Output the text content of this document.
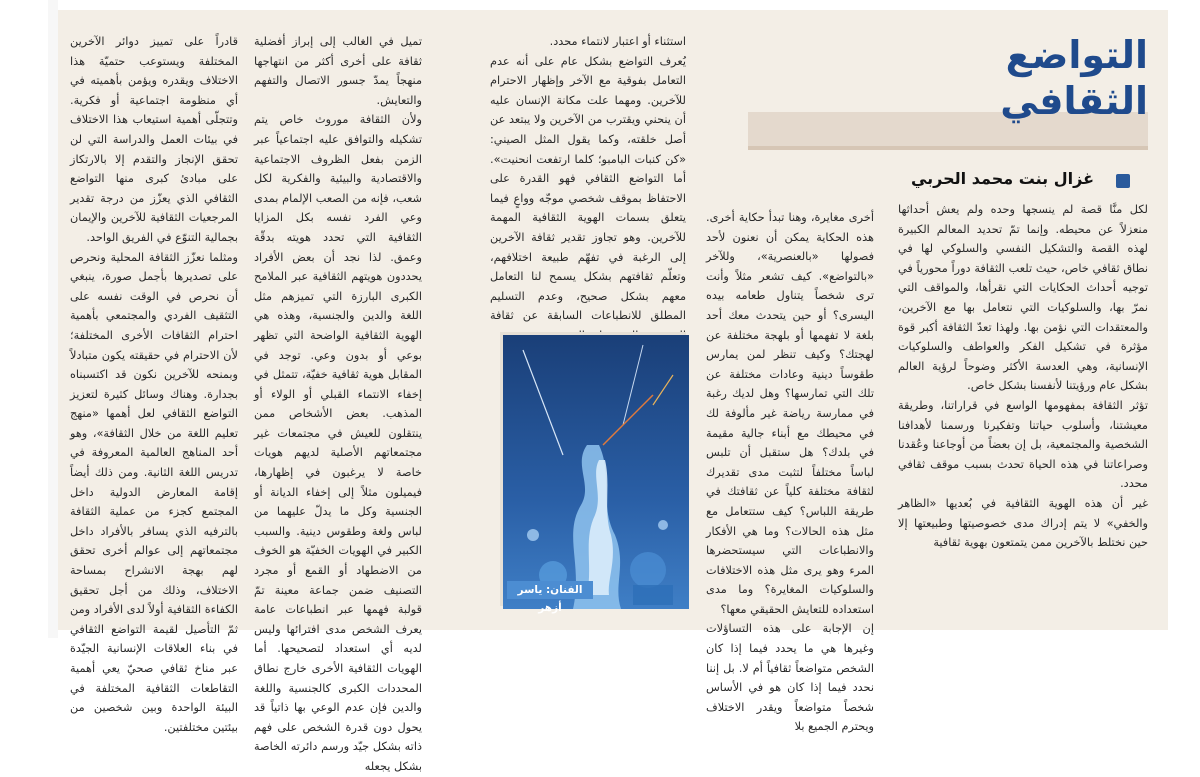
التواضع الثقافي
غزال بنت محمد الحربي

لكل منَّا قصة لم ينسجها وحده ولم يعش أحداثها منعزلاً عن محيطه. وإنما تمّ تحديد المعالم الكبيرة لهذه القصة والتشكيل النفسي والسلوكي لها في نطاق ثقافي خاص، حيث تلعب الثقافة دوراً محورياً في توجيه أحداث الحكايات التي نقرأها، والمواقف التي نمرّ بها، والسلوكيات التي نتعامل بها مع الآخرين، والمعتقدات التي نؤمن بها. ولهذا تعدّ الثقافة أكبر قوة مؤثرة في تشكيل الفكر والعواطف والسلوكيات الإنسانية، وهي العدسة الأكثر وضوحاً لرؤية العالم بشكل عام ورؤيتنا لأنفسنا بشكل خاص.

تؤثر الثقافة بمفهومها الواسع في قراراتنا، وطريقة معيشتنا، وأسلوب حياتنا وتفكيرنا ورسمنا لأهدافنا الشخصية والمجتمعية، بل إن بعضاً من أوجاعنا وعُقدنا وصراعاتنا في هذه الحياة تحدث بسبب موقف ثقافي محدد.

غير أن هذه الهوية الثقافية في بُعديها «الظاهر والخفي» لا يتم إدراك مدى خصوصيتها وطبيعتها إلا حين نختلط بالآخرين ممن يتمتعون بهوية ثقافية

أخرى مغايرة، وهنا تبدأ حكاية أخرى. هذه الحكاية يمكن أن نعنون لأحد فصولها «بالعنصرية»، وللآخر «بالتواضع». كيف تشعر مثلاً وأنت ترى شخصاً يتناول طعامه بيده اليسرى؟ أو حين يتحدث معك أحد بلغة لا تفهمها أو بلهجة مختلفة عن لهجتك؟ وكيف تنظر لمن يمارس طقوساً دينية وعادات مختلفة عن تلك التي تمارسها؟ وهل لديك رغبة في ممارسة رياضة غير مألوفة لك في محيطك مع أبناء جالية مقيمة في بلدك؟ هل ستقبل أن تلبس لباساً مختلفاً لتثبت مدى تقديرك لثقافة مختلفة كلياً عن ثقافتك في طريقة اللباس؟ كيف ستتعامل مع مثل هذه الحالات؟ وما هي الأفكار والانطباعات التي سيستحضرها المرء وهو يرى مثل هذه الاختلافات والسلوكيات المغايرة؟ وما مدى استعداده للتعايش الحقيقي معها؟

إن الإجابة على هذه التساؤلات وغيرها هي ما يحدد فيما إذا كان الشخص متواضعاً ثقافياً أم لا. بل إننا نحدد فيما إذا كان هو في الأساس شخصاً متواضعاً ويقدر الاختلاف ويحترم الجميع بلا

استثناء أو اعتبار لانتماء محدد.

يُعرف التواضع بشكل عام على أنه عدم التعامل بفوقية مع الآخر وإظهار الاحترام للآخرين. ومهما علت مكانة الإنسان عليه أن ينحني ويقترب من الآخرين ولا يبتعد عن أصل خلقته، وكما يقول المثل الصيني: «كن كنبات البامبو؛ كلما ارتفعت انحنيت». أما التواضع الثقافي فهو القدرة على الاحتفاظ بموقف شخصي موجّه وواعٍ فيما يتعلق بسمات الهوية الثقافية المهمة للآخرين. وهو تجاوز تقدير ثقافة الآخرين إلى الرغبة في تفهّم طبيعة اختلافهم، وتعلّم ثقافتهم بشكل يسمح لنا التعامل معهم بشكل صحيح، وعدم التسليم المطلق للانطباعات السابقة عن ثقافة

الفنان: ياسر أزهر

تميل في الغالب إلى إبراز أفضلية ثقافة على أخرى أكثر من انتهاجها منهجاً يمدّ جسور الاتصال والتفهم والتعايش.

ولأن الثقافة موروث خاص يتم تشكيله والتوافق عليه اجتماعياً عبر الزمن بفعل الظروف الاجتماعية والاقتصادية والبيئية والفكرية لكل شعب، فإنه من الصعب الإلمام بمدى وعي الفرد نفسه بكل المزايا الثقافية التي تحدد هويته بدقّة وعمق. لذا نجد أن بعض الأفراد يحددون هويتهم الثقافية عبر الملامح الكبرى البارزة التي تميزهم مثل اللغة والدين والجنسية، وهذه هي الهوية الثقافية الواضحة التي تظهر بوعي أو بدون وعي. توجد في المقابل هوية ثقافية خفيّة، تتمثل في إخفاء الانتماء القبلي أو الولاء أو المذهب. بعض الأشخاص ممن ينتقلون للعيش في مجتمعات غير مجتمعاتهم الأصلية لديهم هويات خاصة لا يرغبون في إظهارها، فيميلون مثلاً إلى إخفاء الديانة أو الجنسية وكل ما يدلّ عليهما من لباس ولغة وطقوس دينية. والسبب الكبير في الهويات الخفيّة هو الخوف من الاضطهاد أو القمع أو مجرد التصنيف ضمن جماعة معينة تمّ قولبة فهمها عبر انطباعات عامة يعرف الشخص مدى افترائها وليس لديه أي استعداد لتصحيحها. أما الهويات الثقافية الأخرى خارج نطاق المحددات الكبرى كالجنسية واللغة والدين فإن عدم الوعي بها ذاتياً قد يحول دون قدرة الشخص على فهم ذاته بشكل جيّد ورسم دائرته الخاصة بشكل يجعله

قادراً على تمييز دوائر الآخرين المختلفة ويستوعب حتميّة هذا الاختلاف ويقدره ويؤمن بأهميته في أي منظومة اجتماعية أو فكرية. وتتجلّى أهمية استيعاب هذا الاختلاف في بيئات العمل والدراسة التي لن تحقق الإنجاز والتقدم إلا بالارتكاز على مبادئ كبرى منها التواضع الثقافي الذي يعزّز من درجة تقدير المرجعيات الثقافية للآخرين والإيمان بجمالية التنوّع في الفريق الواحد.

ومثلما نعزّز الثقافة المحلية ونحرص على تصديرها بأجمل صورة، ينبغي أن نحرص في الوقت نفسه على التثقيف الفردي والمجتمعي بأهمية احترام الثقافات الأخرى المختلفة؛ لأن الاحترام في حقيقته يكون متبادلاً وبمنحه للآخرين نكون قد اكتسبناه بجدارة. وهناك وسائل كثيرة لتعزيز التواضع الثقافي لعل أهمها «منهج تعليم اللغة من خلال الثقافة»، وهو أحد المناهج العالمية المعروفة في تدريس اللغة الثانية. ومن ذلك أيضاً إقامة المعارض الدولية داخل المجتمع كجزء من عملية الثقافة بالترفيه الذي يسافر بالأفراد داخل مجتمعاتهم إلى عوالم أخرى تحقق لهم بهجة الانشراح بمساحة الاختلاف، وذلك من أجل تحقيق الكفاءة الثقافية أولاً لدى الأفراد ومن ثمّ التأصيل لقيمة التواضع الثقافي في بناء العلاقات الإنسانية الجيّدة عبر مناخ ثقافي صحيّ يعي أهمية التقاطعات الثقافية المختلفة في البيئة الواحدة وبين شخصين من بيئتين مختلفتين.
